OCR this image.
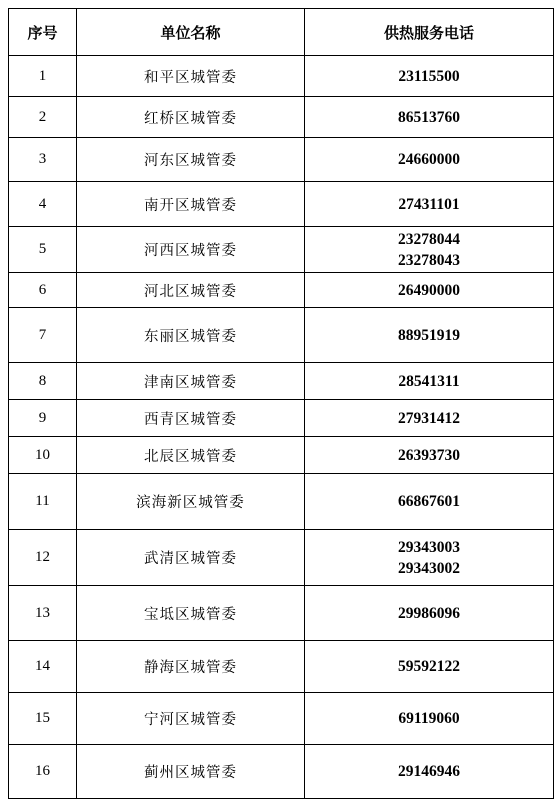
序号	单位名称	供热服务电话
1	和平区城管委	23115500

2	红桥区城管委	86513760

3	河东区城管委	24660000

4	南开区城管委	27431101

5	河西区城管委	23278044
23278043

6	河北区城管委	26490000

7	东丽区城管委	88951919

8	津南区城管委	28541311

9	西青区城管委	27931412

10	北辰区城管委	26393730

11	滨海新区城管委	66867601

12	武清区城管委	29343003
29343002

13	宝坻区城管委	29986096

14	静海区城管委	59592122

15	宁河区城管委	69119060

16	蓟州区城管委	29146946
